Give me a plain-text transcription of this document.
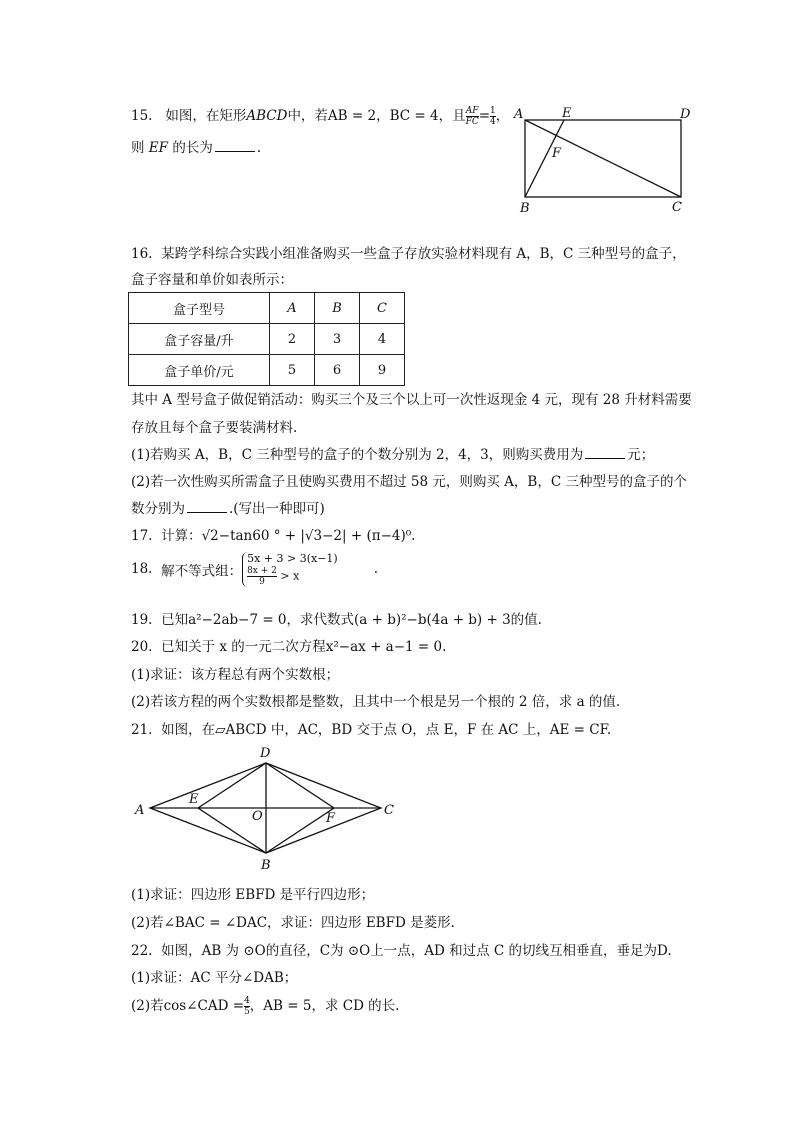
15. 如图，在矩形ABCD中，若AB = 2，BC = 4，且 $\frac{AF}{FC} = \frac{1}{4}$ ，
则 EF 的长为	.
A	E	D
F
B	C
16. 某跨学科综合实践小组准备购买一些盒子存放实验材料现有 A，B，C 三种型号的盒子，
盒子容量和单价如表所示：
盒子型号	A	B	C
盒子容量/升	2	3	4
盒子单价/元	5	6	9
其中 A 型号盒子做促销活动：购买三个及三个以上可一次性返现金 4 元，现有 28 升材料需要
存放且每个盒子要装满材料.
(1)若购买 A，B，C 三种型号的盒子的个数分别为 2，4，3，则购买费用为	元；
(2)若一次性购买所需盒子且使购买费用不超过 58 元，则购买 A，B，C 三种型号的盒子的个
数分别为	.(写出一种即可)
17. 计算：√2−tan60 ° + |√3−2| + (π−4)⁰.
18. 解不等式组：
5x + 3 > 3(x−1)
$\frac{8x + 2}{9} > x$	.
19. 已知a²−2ab−7 = 0，求代数式(a + b)²−b(4a + b) + 3的值.
20. 已知关于 x 的一元二次方程x²−ax + a−1 = 0.
(1)求证：该方程总有两个实数根；
(2)若该方程的两个实数根都是整数，且其中一个根是另一个根的 2 倍，求 a 的值.
21. 如图，在▱ABCD 中，AC，BD 交于点 O，点 E，F 在 AC 上，AE = CF.
A
D
C
B
E
F
O
(1)求证：四边形 EBFD 是平行四边形；
(2)若∠BAC = ∠DAC，求证：四边形 EBFD 是菱形.
22. 如图，AB 为 ⊙O的直径，C为 ⊙O上一点，AD 和过点 C 的切线互相垂直，垂足为D.
(1)求证：AC 平分∠DAB；
(2)若cos∠CAD = $\frac{4}{5}$ ，AB = 5，求 CD 的长.
